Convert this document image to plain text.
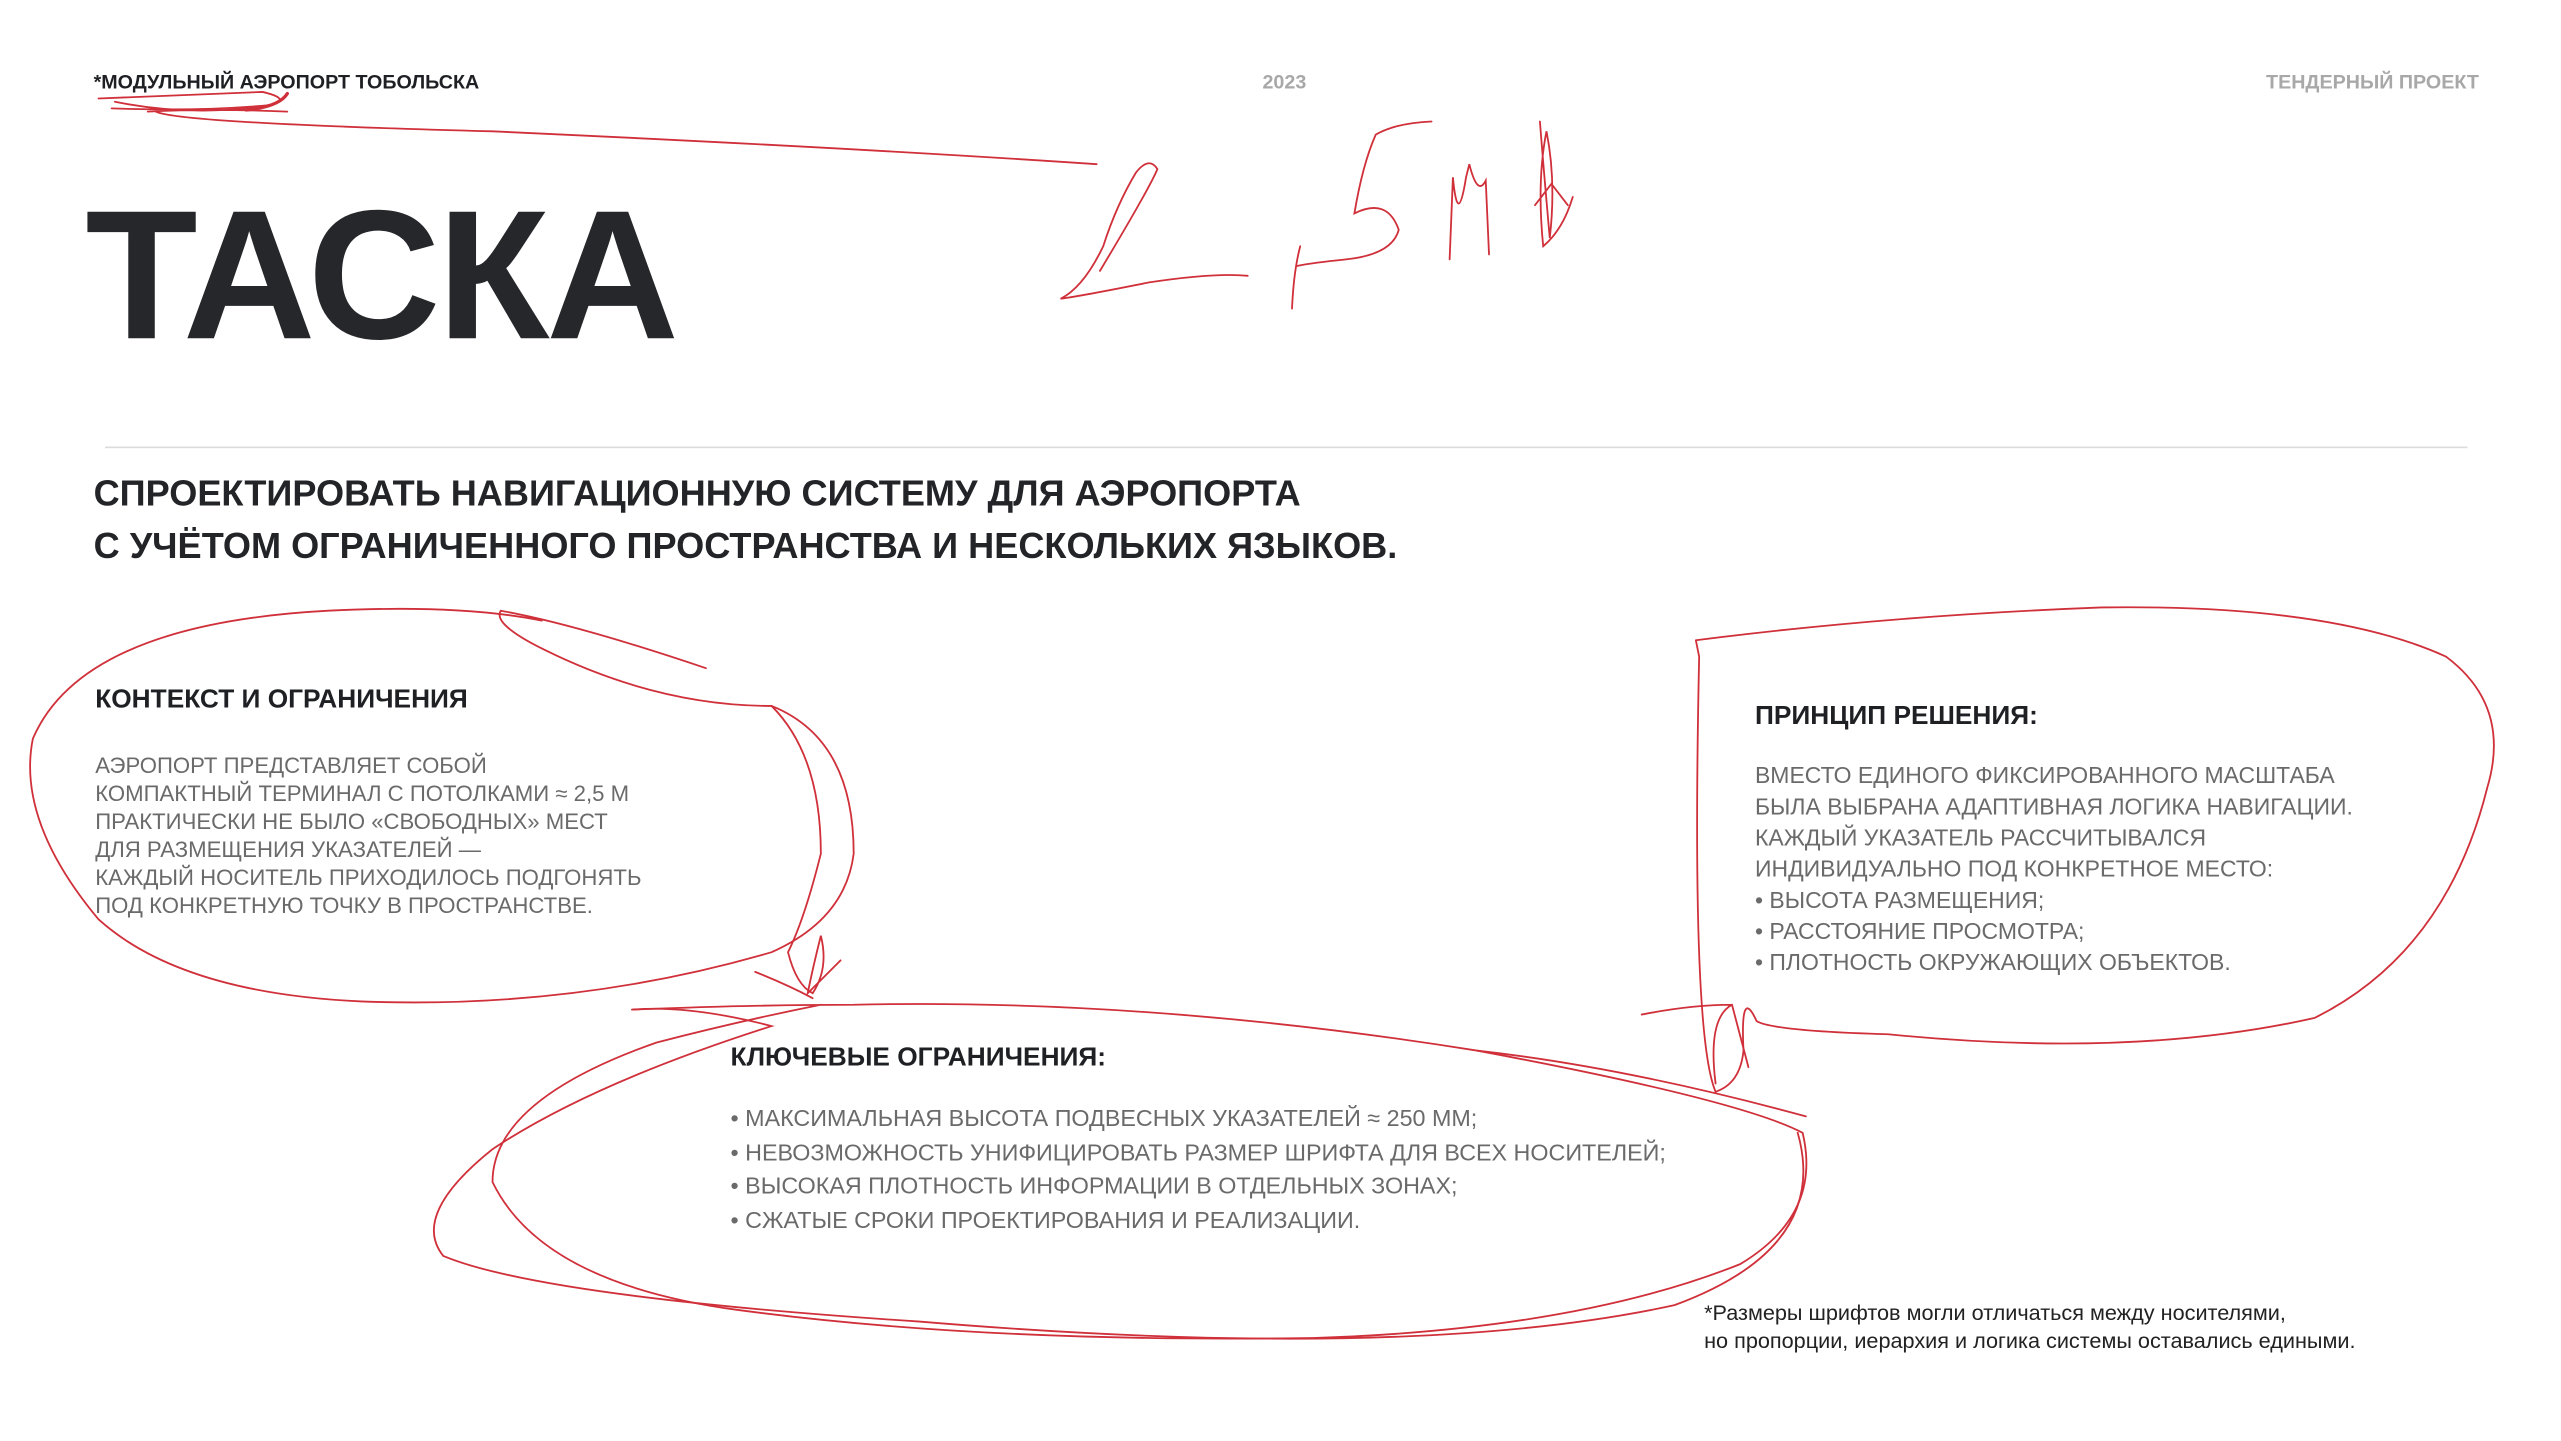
*МОДУЛЬНЫЙ АЭРОПОРТ ТОБОЛЬСКА	2023	ТЕНДЕРНЫЙ ПРОЕКТ
ТАСКА
СПРОЕКТИРОВАТЬ НАВИГАЦИОННУЮ СИСТЕМУ ДЛЯ АЭРОПОРТА
С УЧЁТОМ ОГРАНИЧЕННОГО ПРОСТРАНСТВА И НЕСКОЛЬКИХ ЯЗЫКОВ.
КОНТЕКСТ И ОГРАНИЧЕНИЯ
АЭРОПОРТ ПРЕДСТАВЛЯЕТ СОБОЙ
КОМПАКТНЫЙ ТЕРМИНАЛ С ПОТОЛКАМИ ≈ 2,5 М
ПРАКТИЧЕСКИ НЕ БЫЛО «СВОБОДНЫХ» МЕСТ
ДЛЯ РАЗМЕЩЕНИЯ УКАЗАТЕЛЕЙ —
КАЖДЫЙ НОСИТЕЛЬ ПРИХОДИЛОСЬ ПОДГОНЯТЬ
ПОД КОНКРЕТНУЮ ТОЧКУ В ПРОСТРАНСТВЕ.
ПРИНЦИП РЕШЕНИЯ:
ВМЕСТО ЕДИНОГО ФИКСИРОВАННОГО МАСШТАБА
БЫЛА ВЫБРАНА АДАПТИВНАЯ ЛОГИКА НАВИГАЦИИ.
КАЖДЫЙ УКАЗАТЕЛЬ РАССЧИТЫВАЛСЯ
ИНДИВИДУАЛЬНО ПОД КОНКРЕТНОЕ МЕСТО:
• ВЫСОТА РАЗМЕЩЕНИЯ;
• РАССТОЯНИЕ ПРОСМОТРА;
• ПЛОТНОСТЬ ОКРУЖАЮЩИХ ОБЪЕКТОВ.
КЛЮЧЕВЫЕ ОГРАНИЧЕНИЯ:
• МАКСИМАЛЬНАЯ ВЫСОТА ПОДВЕСНЫХ УКАЗАТЕЛЕЙ ≈ 250 ММ;
• НЕВОЗМОЖНОСТЬ УНИФИЦИРОВАТЬ РАЗМЕР ШРИФТА ДЛЯ ВСЕХ НОСИТЕЛЕЙ;
• ВЫСОКАЯ ПЛОТНОСТЬ ИНФОРМАЦИИ В ОТДЕЛЬНЫХ ЗОНАХ;
• СЖАТЫЕ СРОКИ ПРОЕКТИРОВАНИЯ И РЕАЛИЗАЦИИ.
*Размеры шрифтов могли отличаться между носителями,
но пропорции, иерархия и логика системы оставались едиными.
